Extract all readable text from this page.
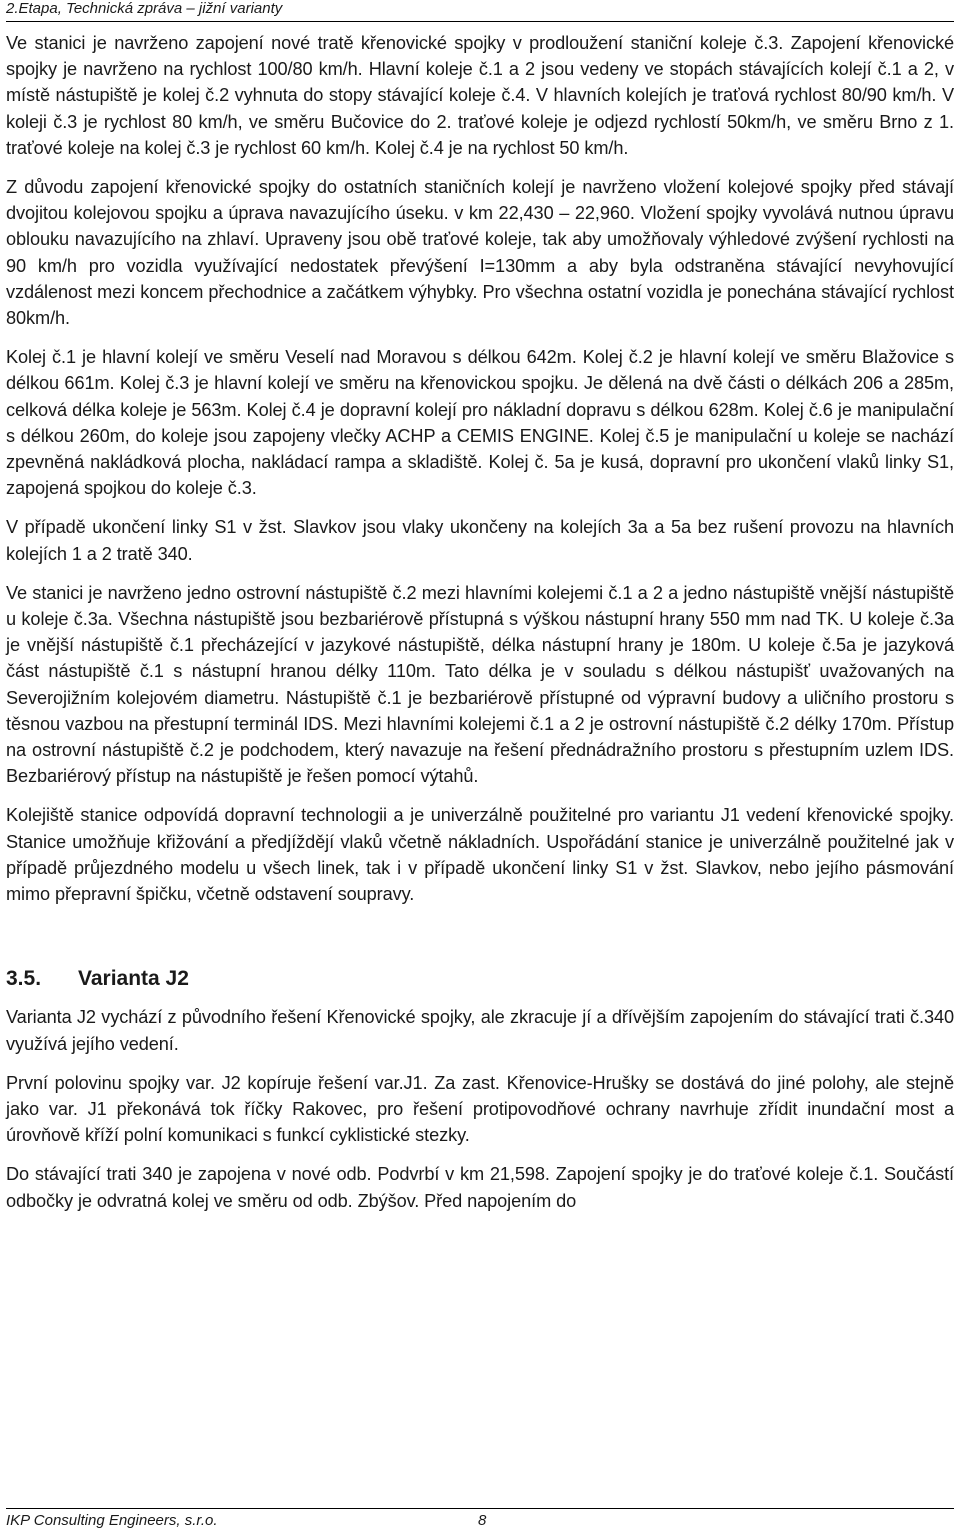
2.Etapa, Technická zpráva – jižní varianty

Ve stanici je navrženo zapojení nové tratě křenovické spojky v prodloužení staniční koleje č.3. Zapojení křenovické spojky je navrženo na rychlost 100/80 km/h. Hlavní koleje č.1 a 2 jsou vedeny ve stopách stávajících kolejí č.1 a 2, v místě nástupiště je kolej č.2 vyhnuta do stopy stávající koleje č.4. V hlavních kolejích je traťová rychlost 80/90 km/h. V koleji č.3 je rychlost 80 km/h, ve směru Bučovice do 2. traťové koleje je odjezd rychlostí 50km/h, ve směru Brno z 1. traťové koleje na kolej č.3 je rychlost 60 km/h. Kolej č.4 je na rychlost 50 km/h.

Z důvodu zapojení křenovické spojky do ostatních staničních kolejí je navrženo vložení kolejové spojky před stávají dvojitou kolejovou spojku a úprava navazujícího úseku. v km 22,430 – 22,960. Vložení spojky vyvolává nutnou úpravu oblouku navazujícího na zhlaví. Upraveny jsou obě traťové koleje, tak aby umožňovaly výhledové zvýšení rychlosti na 90 km/h pro vozidla využívající nedostatek převýšení I=130mm a aby byla odstraněna stávající nevyhovující vzdálenost mezi koncem přechodnice a začátkem výhybky. Pro všechna ostatní vozidla je ponechána stávající rychlost 80km/h.

Kolej č.1 je hlavní kolejí ve směru Veselí nad Moravou s délkou 642m. Kolej č.2 je hlavní kolejí ve směru Blažovice s délkou 661m. Kolej č.3 je hlavní kolejí ve směru na křenovickou spojku. Je dělená na dvě části o délkách 206 a 285m, celková délka koleje je 563m. Kolej č.4 je dopravní kolejí pro nákladní dopravu s délkou 628m. Kolej č.6 je manipulační s délkou 260m, do koleje jsou zapojeny vlečky ACHP a CEMIS ENGINE. Kolej č.5 je manipulační u koleje se nachází zpevněná nakládková plocha, nakládací rampa a skladiště. Kolej č. 5a je kusá, dopravní pro ukončení vlaků linky S1, zapojená spojkou do koleje č.3.

V případě ukončení linky S1 v žst. Slavkov jsou vlaky ukončeny na kolejích 3a a 5a bez rušení provozu na hlavních kolejích 1 a 2 tratě 340.

Ve stanici je navrženo jedno ostrovní nástupiště č.2 mezi hlavními kolejemi č.1 a 2 a jedno nástupiště vnější nástupiště u koleje č.3a. Všechna nástupiště jsou bezbariérově přístupná s výškou nástupní hrany 550 mm nad TK. U koleje č.3a je vnější nástupiště č.1 přecházející v jazykové nástupiště, délka nástupní hrany je 180m. U koleje č.5a je jazyková část nástupiště č.1 s nástupní hranou délky 110m. Tato délka je v souladu s délkou nástupišť uvažovaných na Severojižním kolejovém diametru. Nástupiště č.1 je bezbariérově přístupné od výpravní budovy a uličního prostoru s těsnou vazbou na přestupní terminál IDS. Mezi hlavními kolejemi č.1 a 2 je ostrovní nástupiště č.2 délky 170m. Přístup na ostrovní nástupiště č.2 je podchodem, který navazuje na řešení přednádražního prostoru s přestupním uzlem IDS. Bezbariérový přístup na nástupiště je řešen pomocí výtahů.

Kolejiště stanice odpovídá dopravní technologii a je univerzálně použitelné pro variantu J1 vedení křenovické spojky. Stanice umožňuje křižování a předjíždějí vlaků včetně nákladních. Uspořádání stanice je univerzálně použitelné jak v případě průjezdného modelu u všech linek, tak i v případě ukončení linky S1 v žst. Slavkov, nebo jejího pásmování mimo přepravní špičku, včetně odstavení soupravy.

3.5. Varianta J2

Varianta J2 vychází z původního řešení Křenovické spojky, ale zkracuje jí a dřívějším zapojením do stávající trati č.340 využívá jejího vedení.

První polovinu spojky var. J2 kopíruje řešení var.J1. Za zast. Křenovice-Hrušky se dostává do jiné polohy, ale stejně jako var. J1 překonává tok říčky Rakovec, pro řešení protipovodňové ochrany navrhuje zřídit inundační most a úrovňově kříží polní komunikaci s funkcí cyklistické stezky.

Do stávající trati 340 je zapojena v nové odb. Podvrbí v km 21,598. Zapojení spojky je do traťové koleje č.1. Součástí odbočky je odvratná kolej ve směru od odb. Zbýšov. Před napojením do

IKP Consulting Engineers, s.r.o.	8
